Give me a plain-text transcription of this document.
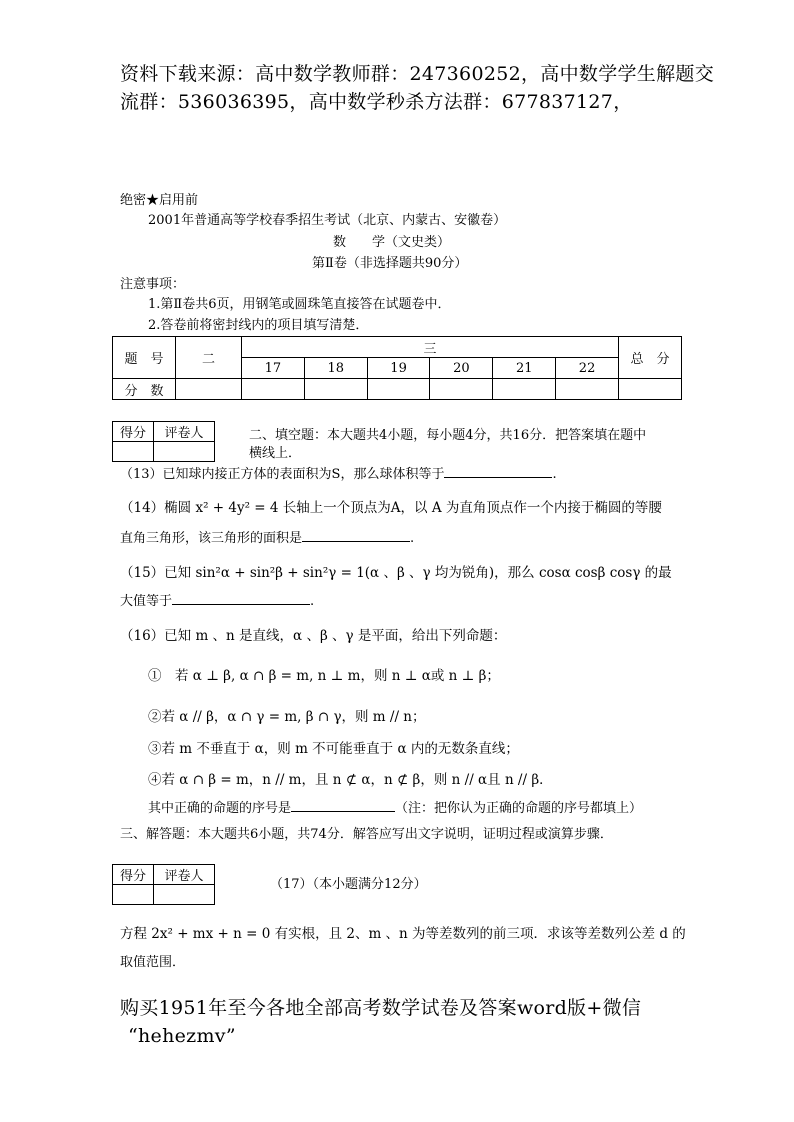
资料下载来源：高中数学教师群：247360252，高中数学学生解题交
流群：536036395，高中数学秒杀方法群：677837127，
绝密★启用前
2001年普通高等学校春季招生考试（北京、内蒙古、安徽卷）
数　　学（文史类）
第Ⅱ卷（非选择题共90分）
注意事项：
1.第Ⅱ卷共6页，用钢笔或圆珠笔直接答在试题卷中．
2.答卷前将密封线内的项目填写清楚．
题　号	二	三						总　分
		17	18	19	20	21	22	
分　数								
得分	评卷人
		二、填空题：本大题共4小题，每小题4分，共16分．把答案填在题中
横线上．
（13）已知球内接正方体的表面积为S，那么球体积等于	.
（14）椭圆 x² + 4y² = 4 长轴上一个顶点为A，以 A 为直角顶点作一个内接于椭圆的等腰
直角三角形，该三角形的面积是	.
（15）已知 sin²α + sin²β + sin²γ = 1(α 、β 、γ 均为锐角)，那么 cosα cosβ cosγ 的最
大值等于	.
（16）已知 m 、n 是直线，α 、β 、γ 是平面，给出下列命题：
①　若 α ⊥ β, α ∩ β = m, n ⊥ m，则 n ⊥ α或 n ⊥ β；
②若 α // β，α ∩ γ = m, β ∩ γ，则 m // n；
③若 m 不垂直于 α，则 m 不可能垂直于 α 内的无数条直线；
④若 α ∩ β = m，n // m，且 n ⊄ α，n ⊄ β，则 n // α且 n // β．
其中正确的命题的序号是	（注：把你认为正确的命题的序号都填上）
三、解答题：本大题共6小题，共74分．解答应写出文字说明，证明过程或演算步骤．
得分	评卷人

（17）（本小题满分12分）
方程 2x² + mx + n = 0 有实根，且 2、m 、n 为等差数列的前三项．求该等差数列公差 d 的
取值范围．
购买1951年至今各地全部高考数学试卷及答案word版+微信
“hehezmv”
